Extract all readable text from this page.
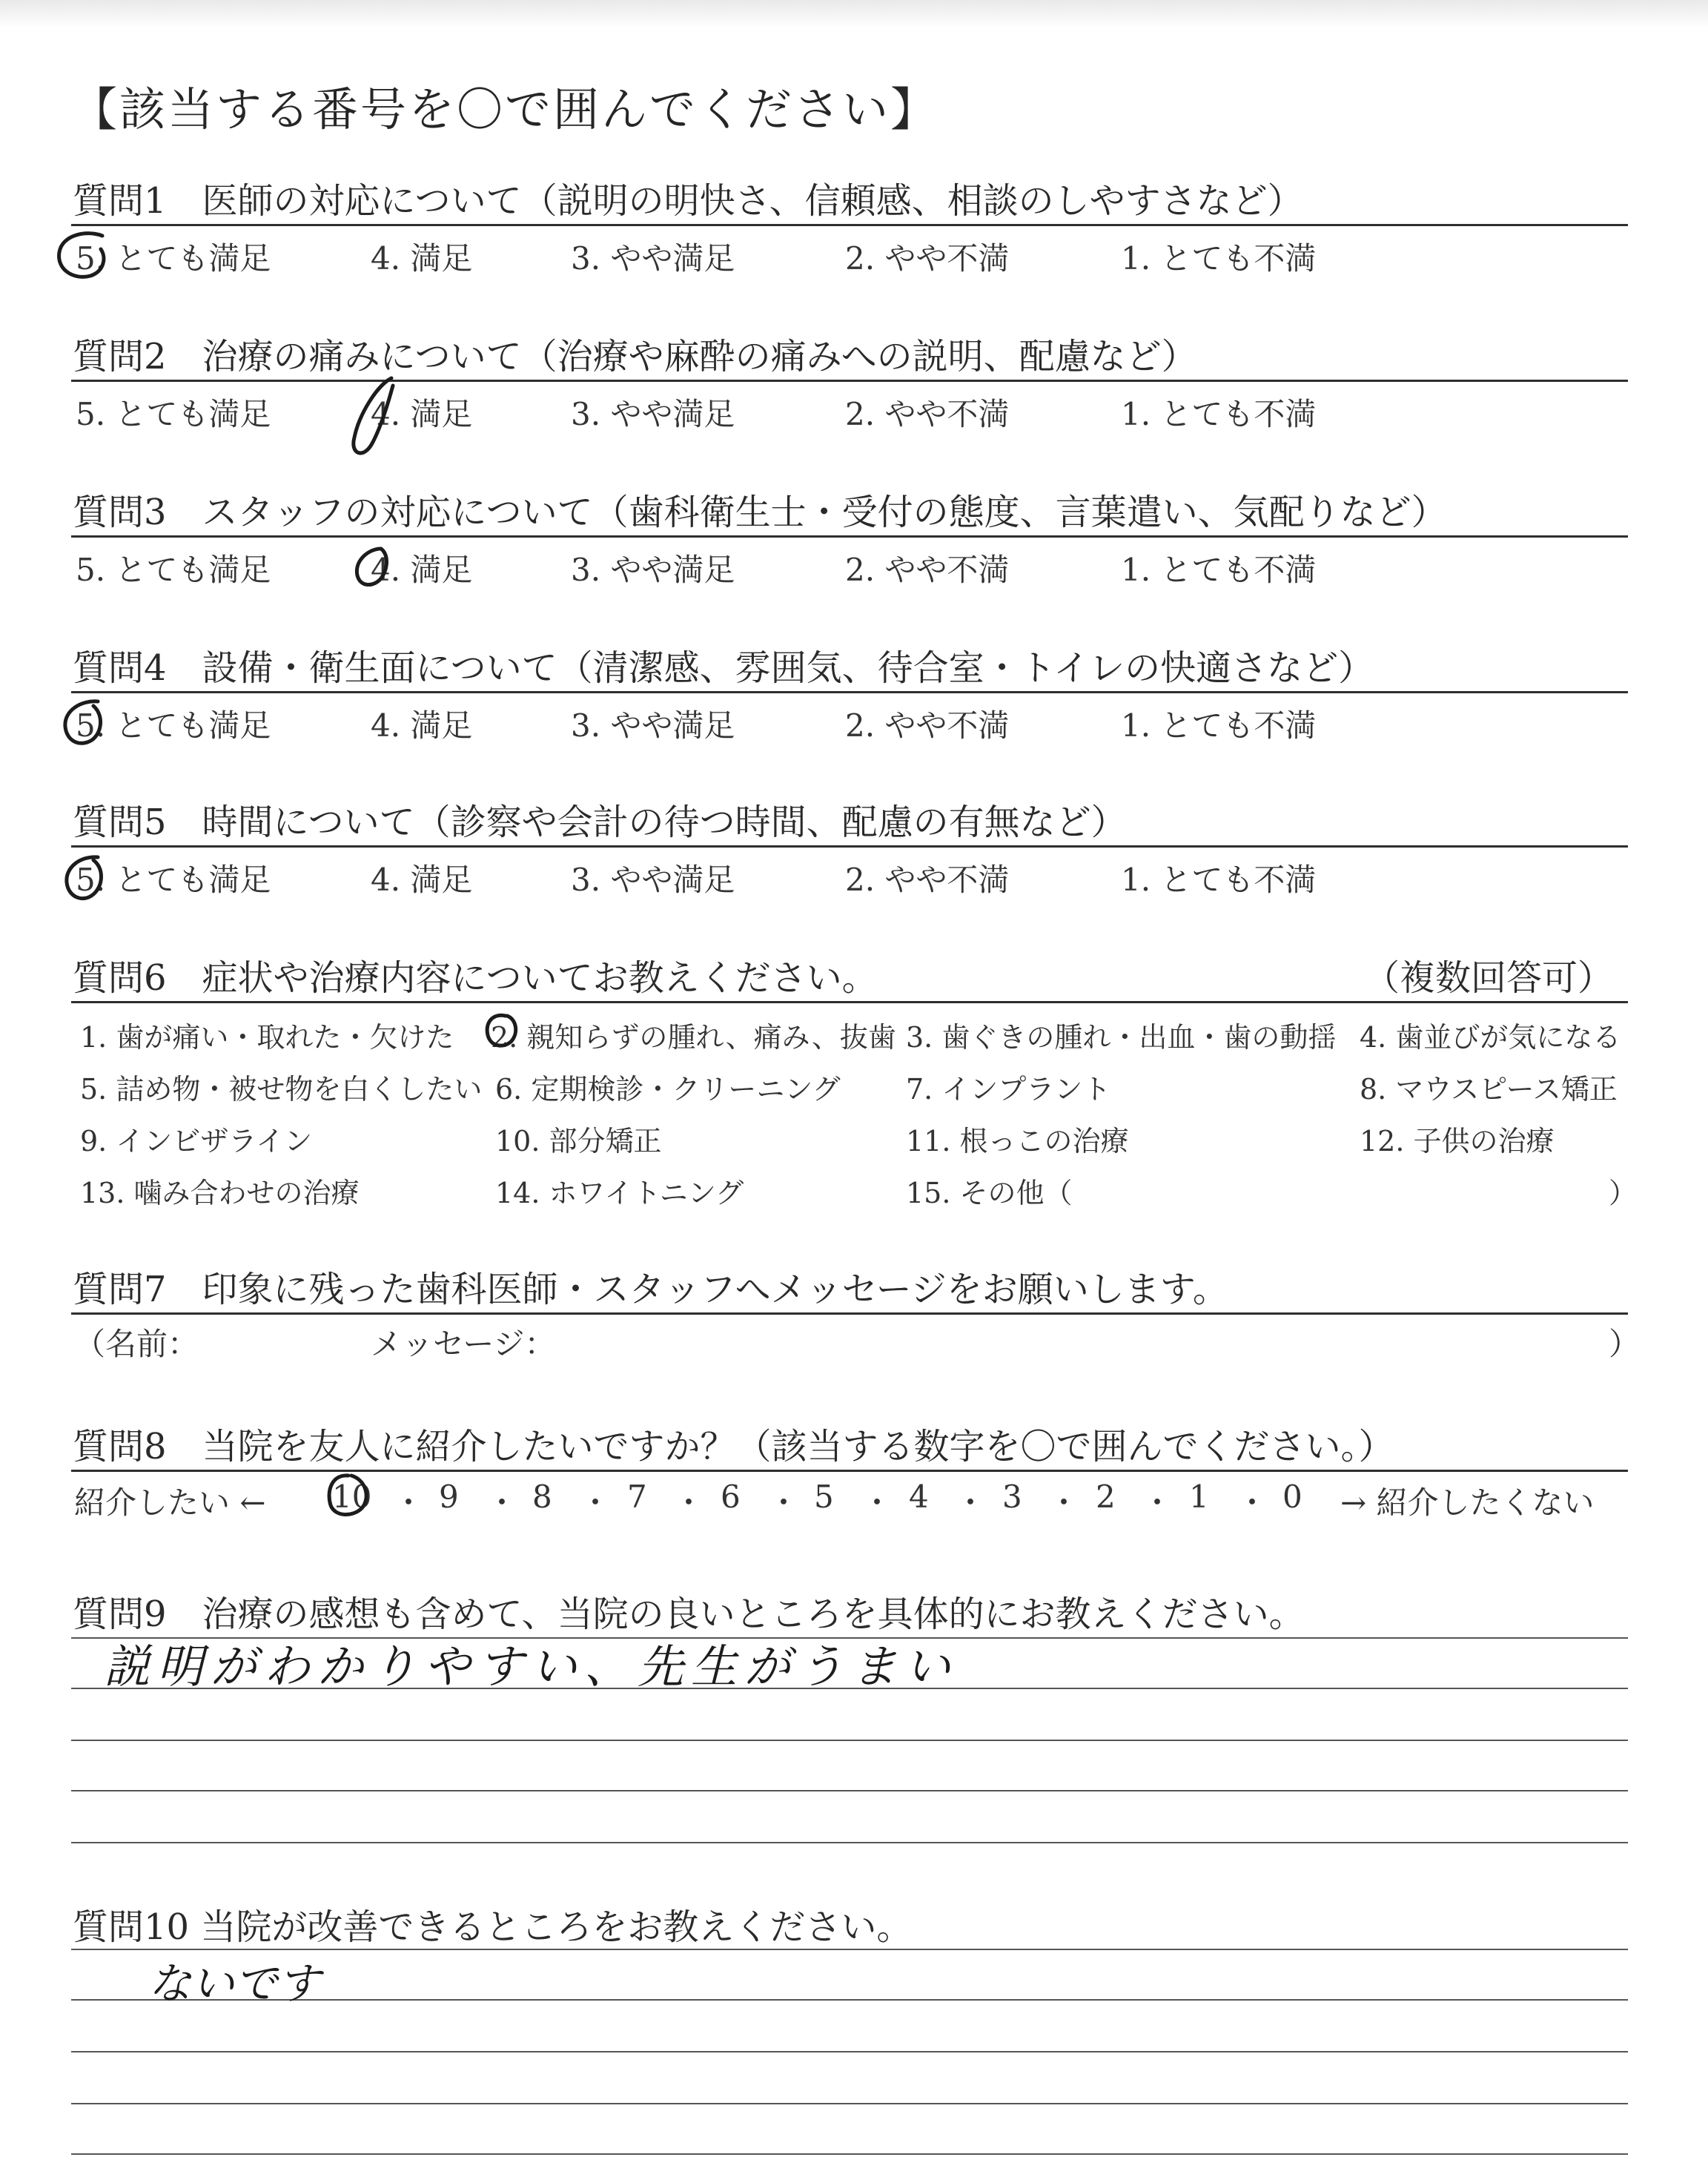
【該当する番号を〇で囲んでください】
質問1　医師の対応について（説明の明快さ、信頼感、相談のしやすさなど）
5. とても満足	4. 満足	3. やや満足	2. やや不満	1. とても不満
質問2　治療の痛みについて（治療や麻酔の痛みへの説明、配慮など）
5. とても満足	4. 満足	3. やや満足	2. やや不満	1. とても不満
質問3　スタッフの対応について（歯科衛生士・受付の態度、言葉遣い、気配りなど）
5. とても満足	4. 満足	3. やや満足	2. やや不満	1. とても不満
質問4　設備・衛生面について（清潔感、雰囲気、待合室・トイレの快適さなど）
5. とても満足	4. 満足	3. やや満足	2. やや不満	1. とても不満
質問5　時間について（診察や会計の待つ時間、配慮の有無など）
5. とても満足	4. 満足	3. やや満足	2. やや不満	1. とても不満
質問6　症状や治療内容についてお教えください。	（複数回答可）
1. 歯が痛い・取れた・欠けた 2. 親知らずの腫れ、痛み、抜歯 3. 歯ぐきの腫れ・出血・歯の動揺 4. 歯並びが気になる
5. 詰め物・被せ物を白くしたい 6. 定期検診・クリーニング 7. インプラント	8. マウスピース矯正
9. インビザライン	10. 部分矯正	11. 根っこの治療	12. 子供の治療
13. 噛み合わせの治療	14. ホワイトニング	15. その他（	）
質問7　印象に残った歯科医師・スタッフへメッセージをお願いします。
（名前：	メッセージ：	）
質問8　当院を友人に紹介したいですか？（該当する数字を〇で囲んでください。）
紹介したい ← 10 ・ 9 ・ 8 ・ 7 ・ 6 ・ 5 ・ 4 ・ 3 ・ 2 ・ 1 ・ 0 → 紹介したくない
質問9　治療の感想も含めて、当院の良いところを具体的にお教えください。
説明がわかりやすい、先生がうまい
質問10 当院が改善できるところをお教えください。
ないです
